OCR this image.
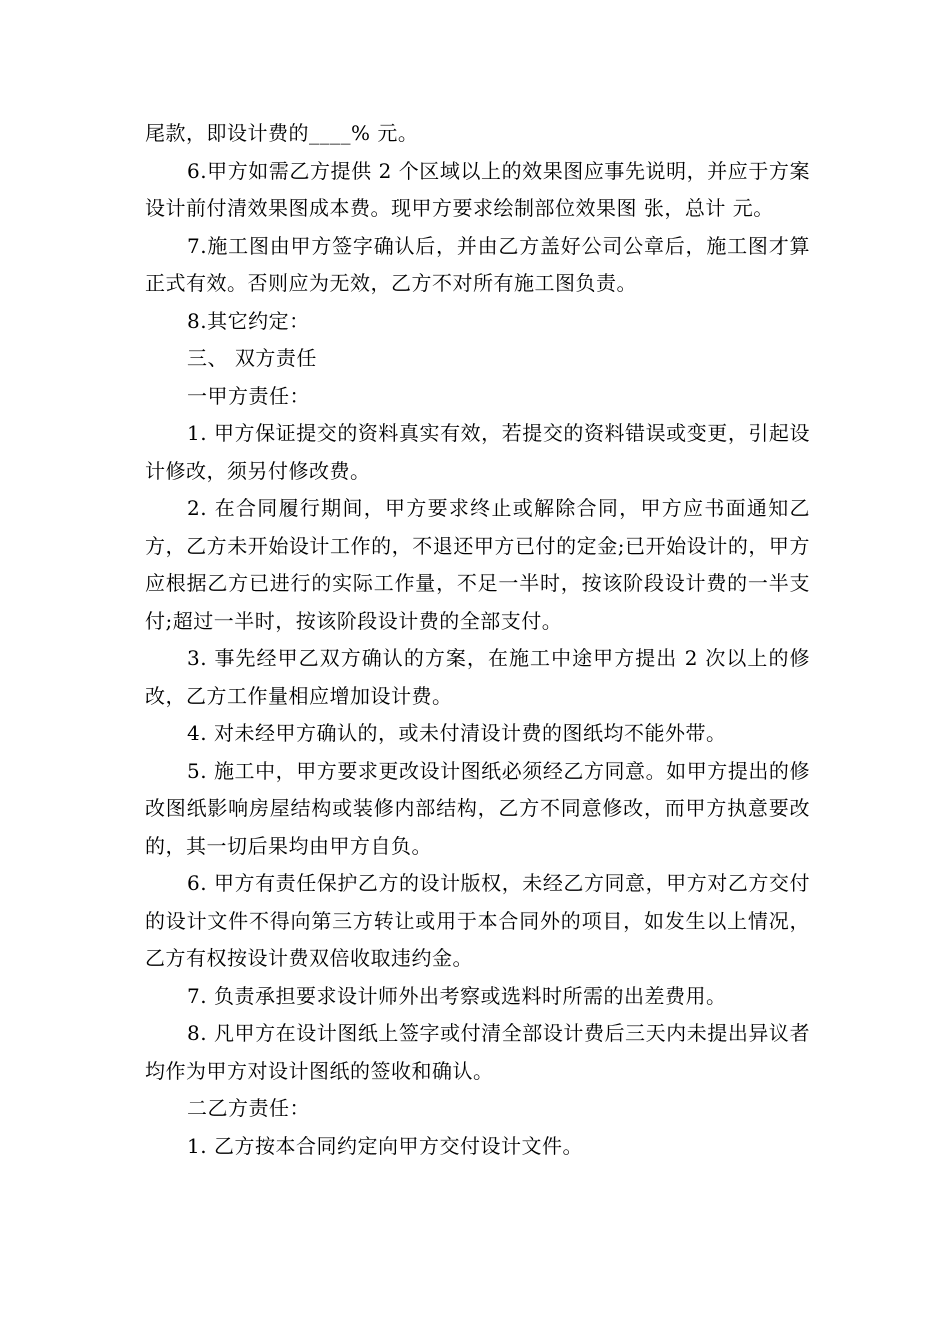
尾款，即设计费的____% 元。

6.甲方如需乙方提供 2 个区域以上的效果图应事先说明，并应于方案设计前付清效果图成本费。现甲方要求绘制部位效果图 张，总计 元。

7.施工图由甲方签字确认后，并由乙方盖好公司公章后，施工图才算正式有效。否则应为无效，乙方不对所有施工图负责。

8.其它约定：

三、 双方责任

一甲方责任：

1. 甲方保证提交的资料真实有效，若提交的资料错误或变更，引起设计修改，须另付修改费。

2. 在合同履行期间，甲方要求终止或解除合同，甲方应书面通知乙方，乙方未开始设计工作的，不退还甲方已付的定金;已开始设计的，甲方应根据乙方已进行的实际工作量，不足一半时，按该阶段设计费的一半支付;超过一半时，按该阶段设计费的全部支付。

3. 事先经甲乙双方确认的方案，在施工中途甲方提出 2 次以上的修改，乙方工作量相应增加设计费。

4. 对未经甲方确认的，或未付清设计费的图纸均不能外带。

5. 施工中，甲方要求更改设计图纸必须经乙方同意。如甲方提出的修改图纸影响房屋结构或装修内部结构，乙方不同意修改，而甲方执意要改的，其一切后果均由甲方自负。

6. 甲方有责任保护乙方的设计版权，未经乙方同意，甲方对乙方交付的设计文件不得向第三方转让或用于本合同外的项目，如发生以上情况，乙方有权按设计费双倍收取违约金。

7. 负责承担要求设计师外出考察或选料时所需的出差费用。

8. 凡甲方在设计图纸上签字或付清全部设计费后三天内未提出异议者均作为甲方对设计图纸的签收和确认。

二乙方责任：

1. 乙方按本合同约定向甲方交付设计文件。
